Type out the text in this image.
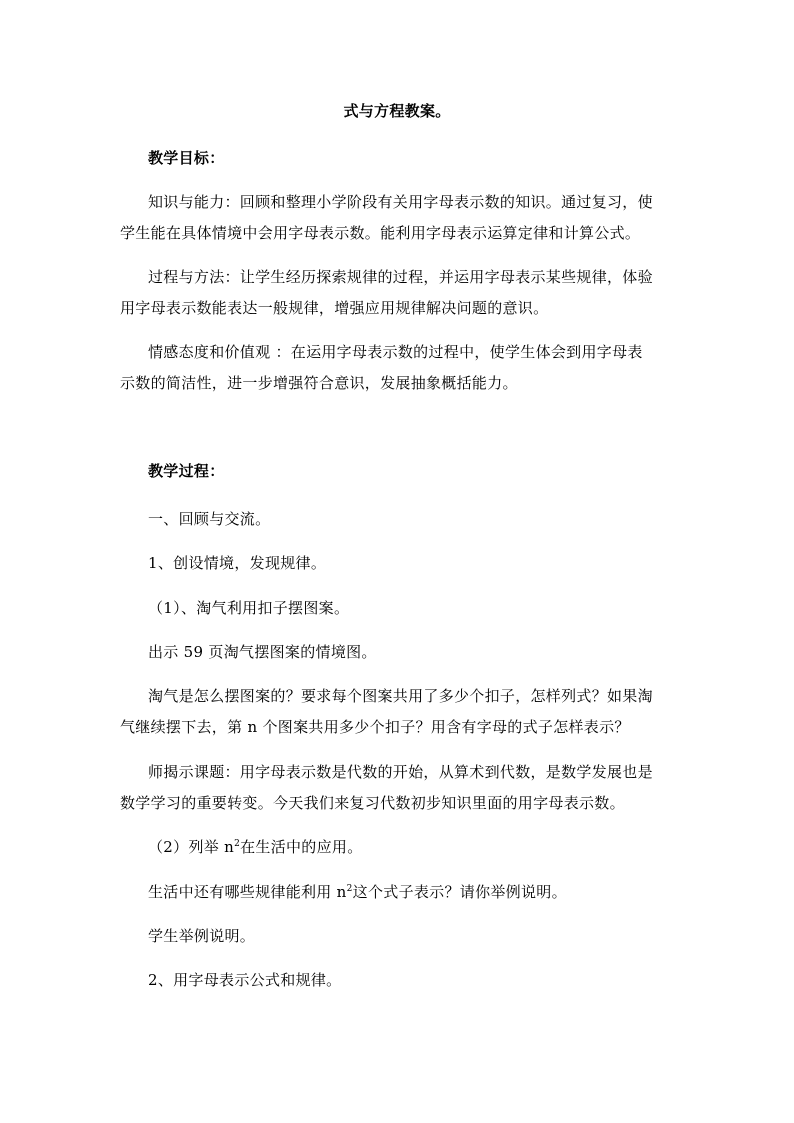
式与方程教案。
教学目标：
知识与能力：回顾和整理小学阶段有关用字母表示数的知识。通过复习，使
学生能在具体情境中会用字母表示数。能利用字母表示运算定律和计算公式。
过程与方法：让学生经历探索规律的过程，并运用字母表示某些规律，体验
用字母表示数能表达一般规律，增强应用规律解决问题的意识。
情感态度和价值观 ：在运用字母表示数的过程中，使学生体会到用字母表
示数的简洁性，进一步增强符合意识，发展抽象概括能力。
教学过程：
一、回顾与交流。
1、创设情境，发现规律。
（1）、淘气利用扣子摆图案。
出示 59 页淘气摆图案的情境图。
淘气是怎么摆图案的？要求每个图案共用了多少个扣子，怎样列式？如果淘
气继续摆下去，第 n 个图案共用多少个扣子？用含有字母的式子怎样表示？
师揭示课题：用字母表示数是代数的开始，从算术到代数，是数学发展也是
数学学习的重要转变。今天我们来复习代数初步知识里面的用字母表示数。
（2）列举 $n^2$在生活中的应用。
生活中还有哪些规律能利用 $n^2$这个式子表示？请你举例说明。
学生举例说明。
2、用字母表示公式和规律。
